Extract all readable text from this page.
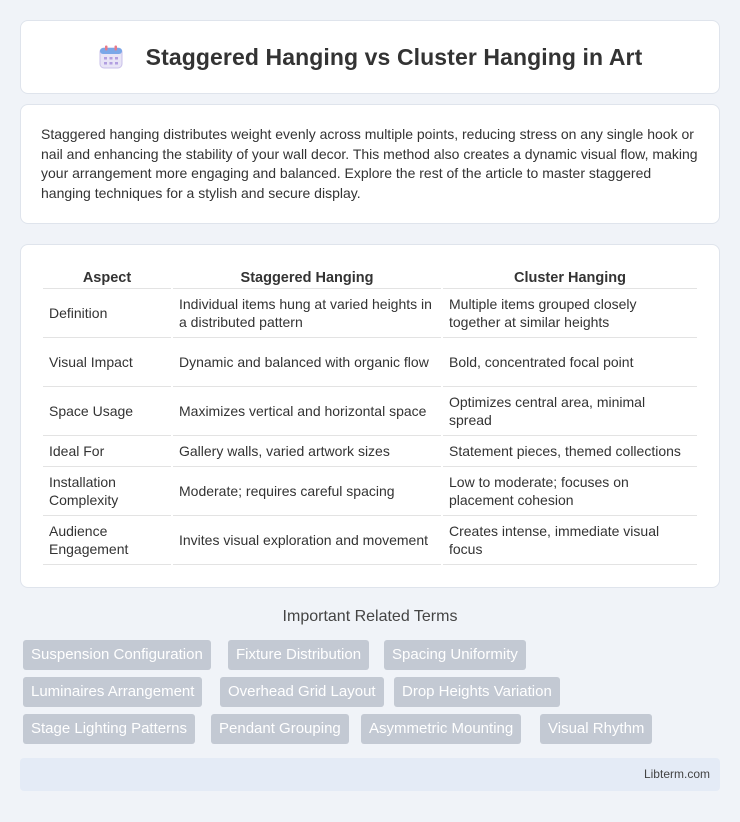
Staggered Hanging vs Cluster Hanging in Art

Staggered hanging distributes weight evenly across multiple points, reducing stress on any single hook or nail and enhancing the stability of your wall decor. This method also creates a dynamic visual flow, making your arrangement more engaging and balanced. Explore the rest of the article to master staggered hanging techniques for a stylish and secure display.

Aspect	Staggered Hanging	Cluster Hanging
Definition	Individual items hung at varied heights in a distributed pattern	Multiple items grouped closely together at similar heights
Visual Impact	Dynamic and balanced with organic flow	Bold, concentrated focal point
Space Usage	Maximizes vertical and horizontal space	Optimizes central area, minimal spread
Ideal For	Gallery walls, varied artwork sizes	Statement pieces, themed collections
Installation Complexity	Moderate; requires careful spacing	Low to moderate; focuses on placement cohesion
Audience Engagement	Invites visual exploration and movement	Creates intense, immediate visual focus
Important Related Terms
Suspension Configuration	Fixture Distribution	Spacing Uniformity
Luminaires Arrangement	Overhead Grid Layout	Drop Heights Variation
Stage Lighting Patterns	Pendant Grouping	Asymmetric Mounting	Visual Rhythm
Libterm.com
